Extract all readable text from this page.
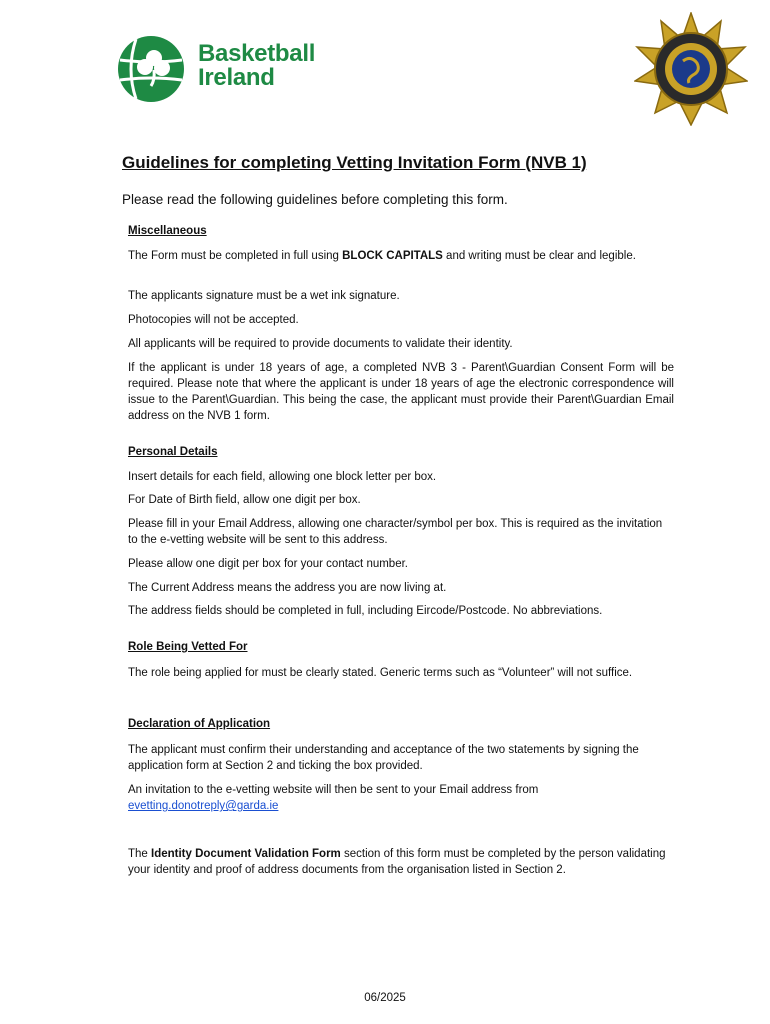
Basketball
Ireland
Guidelines for completing Vetting Invitation Form (NVB 1)

Please read the following guidelines before completing this form.

Miscellaneous

The Form must be completed in full using BLOCK CAPITALS and writing must be clear and legible.

The applicants signature must be a wet ink signature.

Photocopies will not be accepted.

All applicants will be required to provide documents to validate their identity.

If the applicant is under 18 years of age, a completed NVB 3 - Parent\Guardian Consent Form will be required. Please note that where the applicant is under 18 years of age the electronic correspondence will issue to the Parent\Guardian. This being the case, the applicant must provide their Parent\Guardian Email address on the NVB 1 form.

Personal Details

Insert details for each field, allowing one block letter per box.

For Date of Birth field, allow one digit per box.

Please fill in your Email Address, allowing one character/symbol per box. This is required as the invitation to the e-vetting website will be sent to this address.

Please allow one digit per box for your contact number.

The Current Address means the address you are now living at.

The address fields should be completed in full, including Eircode/Postcode. No abbreviations.

Role Being Vetted For

The role being applied for must be clearly stated. Generic terms such as “Volunteer” will not suffice.

Declaration of Application

The applicant must confirm their understanding and acceptance of the two statements by signing the application form at Section 2 and ticking the box provided.

An invitation to the e-vetting website will then be sent to your Email address from
evetting.donotreply@garda.ie

The Identity Document Validation Form section of this form must be completed by the person validating your identity and proof of address documents from the organisation listed in Section 2.

06/2025
